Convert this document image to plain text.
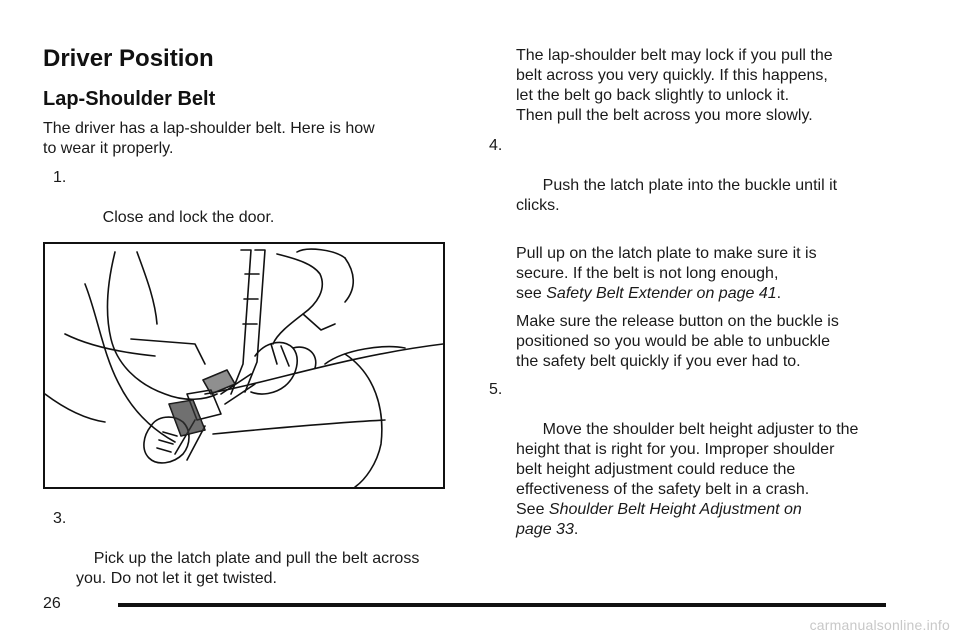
Driver Position
Lap-Shoulder Belt

The driver has a lap-shoulder belt. Here is how
to wear it properly.

1.

Close and lock the door.

3.

Pick up the latch plate and pull the belt across
you. Do not let it get twisted.

The lap-shoulder belt may lock if you pull the
belt across you very quickly. If this happens,
let the belt go back slightly to unlock it.
Then pull the belt across you more slowly.

4.

Push the latch plate into the buckle until it
clicks.

Pull up on the latch plate to make sure it is
secure. If the belt is not long enough,
see Safety Belt Extender on page 41.

Make sure the release button on the buckle is
positioned so you would be able to unbuckle
the safety belt quickly if you ever had to.

5.

Move the shoulder belt height adjuster to the
height that is right for you. Improper shoulder
belt height adjustment could reduce the
effectiveness of the safety belt in a crash.
See Shoulder Belt Height Adjustment on
page 33.

26
carmanualsonline.info
